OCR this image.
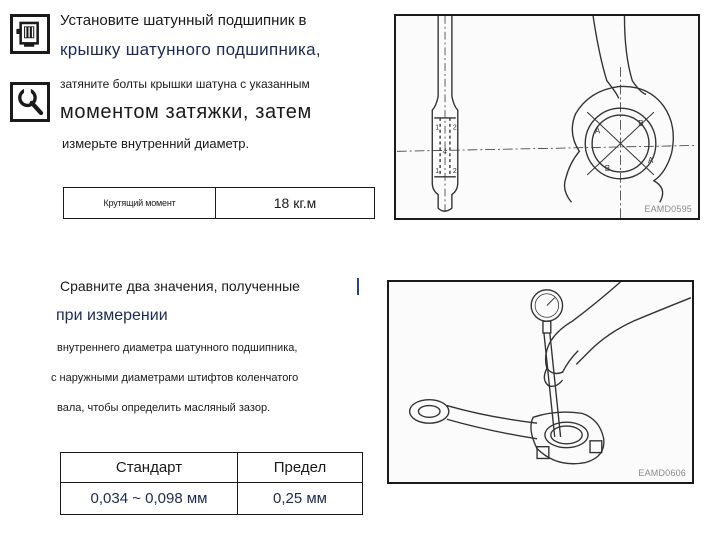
Установите шатунный подшипник в
крышку шатунного подшипника,
затяните болты крышки шатуна с указанным
моментом затяжки, затем
измерьте внутренний диаметр.
Крутящий момент	18 кг.м
1 2
4
1 2
A
B
B
A
EAMD0595
Сравните два значения, полученные
при измерении
внутреннего диаметра шатунного подшипника,
с наружными диаметрами штифтов коленчатого
вала, чтобы определить масляный зазор.
Стандарт	Предел
0,034 ~ 0,098 мм	0,25 мм
EAMD0606
